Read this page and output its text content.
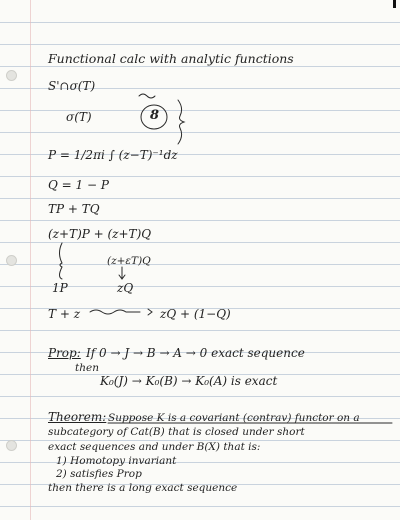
Functional calc with analytic functions
S'∩σ(T)
σ(T)	8
P = 1/2πi ∫ (z−T)⁻¹dz
Q = 1 − P
TP + TQ
(z+T)P + (z+T)Q
(z+εT)Q
1P	zQ
T + z	zQ + (1−Q)
Prop:
then
If 0 → J → B → A → 0 exact sequence
K₀(J) → K₀(B) → K₀(A) is exact
Theorem: Suppose K is a covariant (contrav) functor on a
subcategory of Cat(B) that is closed under short
exact sequences and under B(X) that is:
1) Homotopy invariant
2) satisfies Prop
then there is a long exact sequence
